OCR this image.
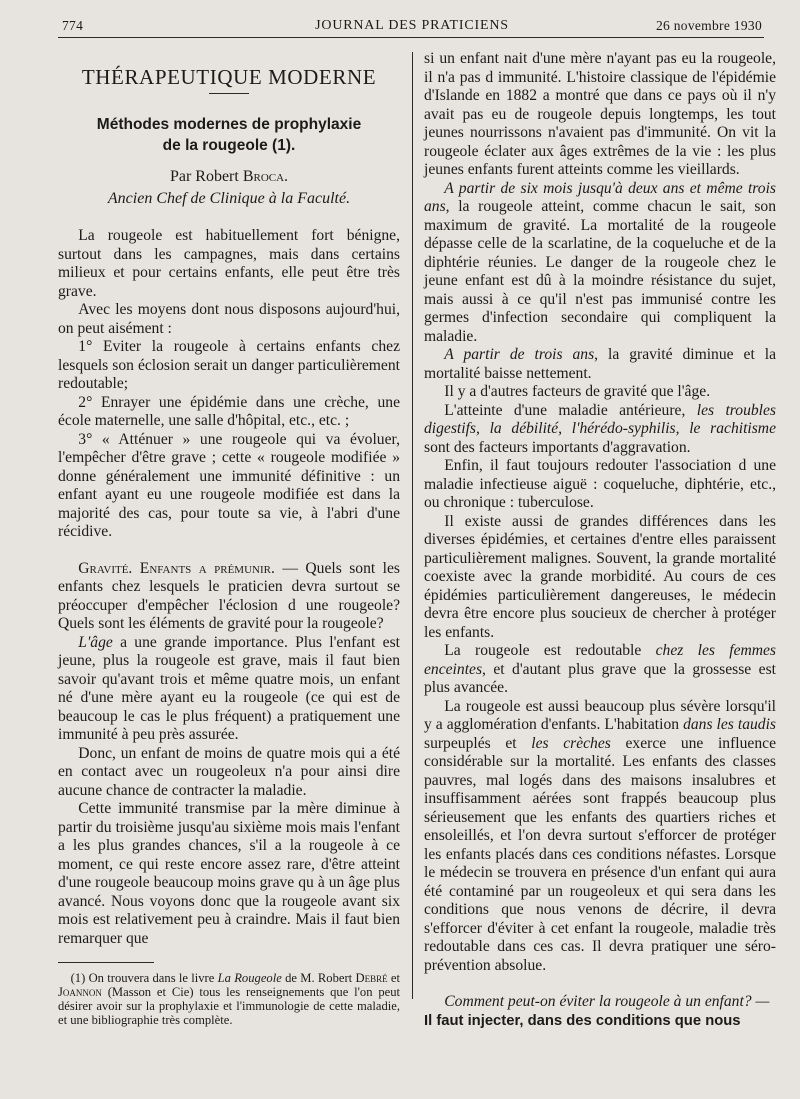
774	JOURNAL DES PRATICIENS	26 novembre 1930
THÉRAPEUTIQUE MODERNE
Méthodes modernes de prophylaxie
de la rougeole (1).
Par Robert Broca.
Ancien Chef de Clinique à la Faculté.

La rougeole est habituellement fort bénigne, surtout dans les campagnes, mais dans certains milieux et pour certains enfants, elle peut être très grave.

Avec les moyens dont nous disposons aujourd'hui, on peut aisément :

1° Eviter la rougeole à certains enfants chez lesquels son éclosion serait un danger particulièrement redoutable;

2° Enrayer une épidémie dans une crèche, une école maternelle, une salle d'hôpital, etc., etc. ;

3° « Atténuer » une rougeole qui va évoluer, l'empêcher d'être grave ; cette « rougeole modifiée » donne généralement une immunité définitive : un enfant ayant eu une rougeole modifiée est dans la majorité des cas, pour toute sa vie, à l'abri d'une récidive.

Gravité. Enfants a prémunir. — Quels sont les enfants chez lesquels le praticien devra surtout se préoccuper d'empêcher l'éclosion d une rougeole? Quels sont les éléments de gravité pour la rougeole?

L'âge a une grande importance. Plus l'enfant est jeune, plus la rougeole est grave, mais il faut bien savoir qu'avant trois et même quatre mois, un enfant né d'une mère ayant eu la rougeole (ce qui est de beaucoup le cas le plus fréquent) a pratiquement une immunité à peu près assurée.

Donc, un enfant de moins de quatre mois qui a été en contact avec un rougeoleux n'a pour ainsi dire aucune chance de contracter la maladie.

Cette immunité transmise par la mère diminue à partir du troisième jusqu'au sixième mois mais l'enfant a les plus grandes chances, s'il a la rougeole à ce moment, ce qui reste encore assez rare, d'être atteint d'une rougeole beaucoup moins grave qu à un âge plus avancé. Nous voyons donc que la rougeole avant six mois est relativement peu à craindre. Mais il faut bien remarquer que

(1) On trouvera dans le livre La Rougeole de M. Robert Debré et Joannon (Masson et Cie) tous les renseignements que l'on peut désirer avoir sur la prophylaxie et l'immunologie de cette maladie, et une bibliographie très complète.

si un enfant nait d'une mère n'ayant pas eu la rougeole, il n'a pas d immunité. L'histoire classique de l'épidémie d'Islande en 1882 a montré que dans ce pays où il n'y avait pas eu de rougeole depuis longtemps, les tout jeunes nourrissons n'avaient pas d'immunité. On vit la rougeole éclater aux âges extrêmes de la vie : les plus jeunes enfants furent atteints comme les vieillards.

A partir de six mois jusqu'à deux ans et même trois ans, la rougeole atteint, comme chacun le sait, son maximum de gravité. La mortalité de la rougeole dépasse celle de la scarlatine, de la coqueluche et de la diphtérie réunies. Le danger de la rougeole chez le jeune enfant est dû à la moindre résistance du sujet, mais aussi à ce qu'il n'est pas immunisé contre les germes d'infection secondaire qui compliquent la maladie.

A partir de trois ans, la gravité diminue et la mortalité baisse nettement.

Il y a d'autres facteurs de gravité que l'âge.

L'atteinte d'une maladie antérieure, les troubles digestifs, la débilité, l'hérédo-syphilis, le rachitisme sont des facteurs importants d'aggravation.

Enfin, il faut toujours redouter l'association d une maladie infectieuse aiguë : coqueluche, diphtérie, etc., ou chronique : tuberculose.

Il existe aussi de grandes différences dans les diverses épidémies, et certaines d'entre elles paraissent particulièrement malignes. Souvent, la grande mortalité coexiste avec la grande morbidité. Au cours de ces épidémies particulièrement dangereuses, le médecin devra être encore plus soucieux de chercher à protéger les enfants.

La rougeole est redoutable chez les femmes enceintes, et d'autant plus grave que la grossesse est plus avancée.

La rougeole est aussi beaucoup plus sévère lorsqu'il y a agglomération d'enfants. L'habitation dans les taudis surpeuplés et les crèches exerce une influence considérable sur la mortalité. Les enfants des classes pauvres, mal logés dans des maisons insalubres et insuffisamment aérées sont frappés beaucoup plus sérieusement que les enfants des quartiers riches et ensoleillés, et l'on devra surtout s'efforcer de protéger les enfants placés dans ces conditions néfastes. Lorsque le médecin se trouvera en présence d'un enfant qui aura été contaminé par un rougeoleux et qui sera dans les conditions que nous venons de décrire, il devra s'efforcer d'éviter à cet enfant la rougeole, maladie très redoutable dans ces cas. Il devra pratiquer une séro-prévention absolue.

Comment peut-on éviter la rougeole à un enfant? —

Il faut injecter, dans des conditions que nous
